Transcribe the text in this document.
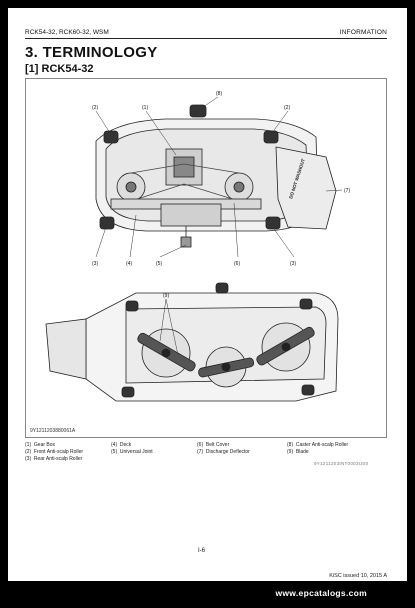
RCK54-32, RCK60-32, WSM	INFORMATION
3. TERMINOLOGY
[1] RCK54-32
DO NOT WASHOUT
(1)
(2)	(2)
(8)
(7)
(3)	(4)	(5)	(6)	(3)
(9)
9Y1211203880061A
(1) Gear Box
(2) Front Anti-scalp Roller
(3) Rear Anti-scalp Roller
(4) Deck
(5) Universal Joint
(6) Belt Cover
(7) Discharge Deflector
(8) Caster Anti-scalp Roller
(9) Blade
9Y1211203INT0003US0
I-6
KiSC issued 10, 2015 A
www.epcatalogs.com
